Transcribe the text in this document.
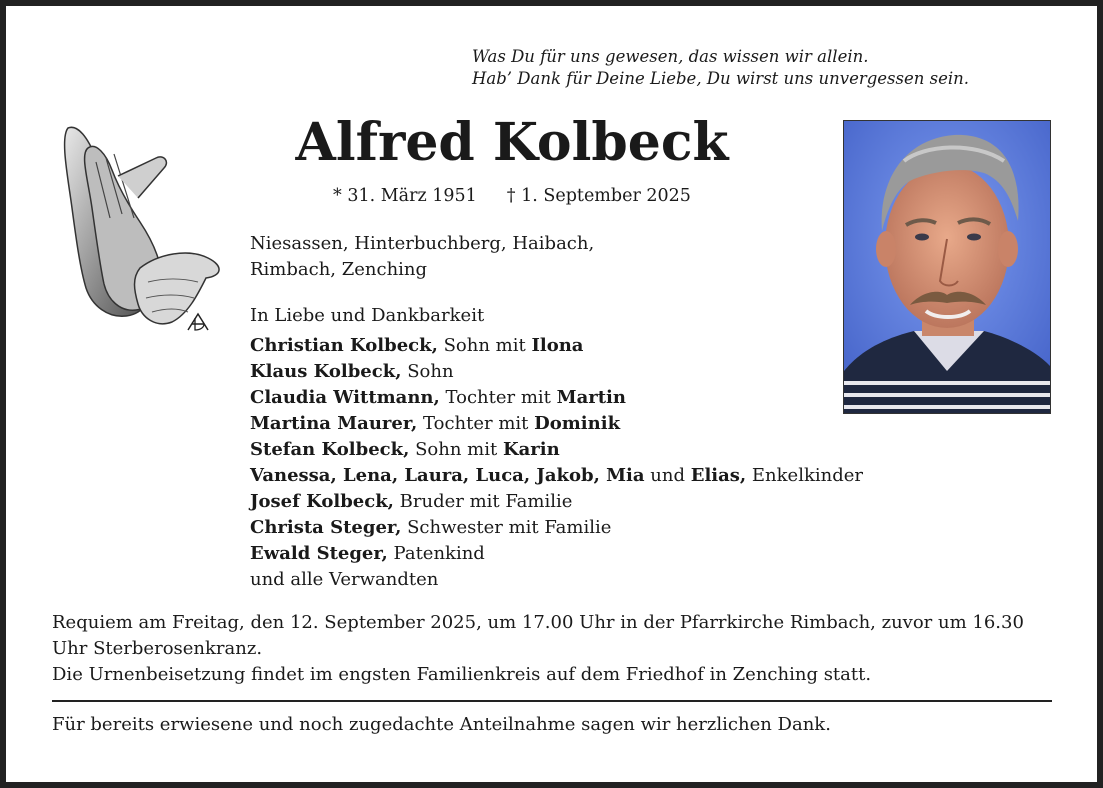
Was Du für uns gewesen, das wissen wir allein.
Hab’ Dank für Deine Liebe, Du wirst uns unvergessen sein.
Alfred Kolbeck
* 31. März 1951 † 1. September 2025
Niesassen, Hinterbuchberg, Haibach,
Rimbach, Zenching
In Liebe und Dankbarkeit
Christian Kolbeck, Sohn mit Ilona
Klaus Kolbeck, Sohn
Claudia Wittmann, Tochter mit Martin
Martina Maurer, Tochter mit Dominik
Stefan Kolbeck, Sohn mit Karin
Vanessa, Lena, Laura, Luca, Jakob, Mia und Elias, Enkelkinder
Josef Kolbeck, Bruder mit Familie
Christa Steger, Schwester mit Familie
Ewald Steger, Patenkind
und alle Verwandten
Requiem am Freitag, den 12. September 2025, um 17.00 Uhr in der Pfarrkirche Rimbach, zuvor um 16.30 Uhr Sterberosenkranz.
Die Urnenbeisetzung findet im engsten Familienkreis auf dem Friedhof in Zenching statt.
Für bereits erwiesene und noch zugedachte Anteilnahme sagen wir herzlichen Dank.
